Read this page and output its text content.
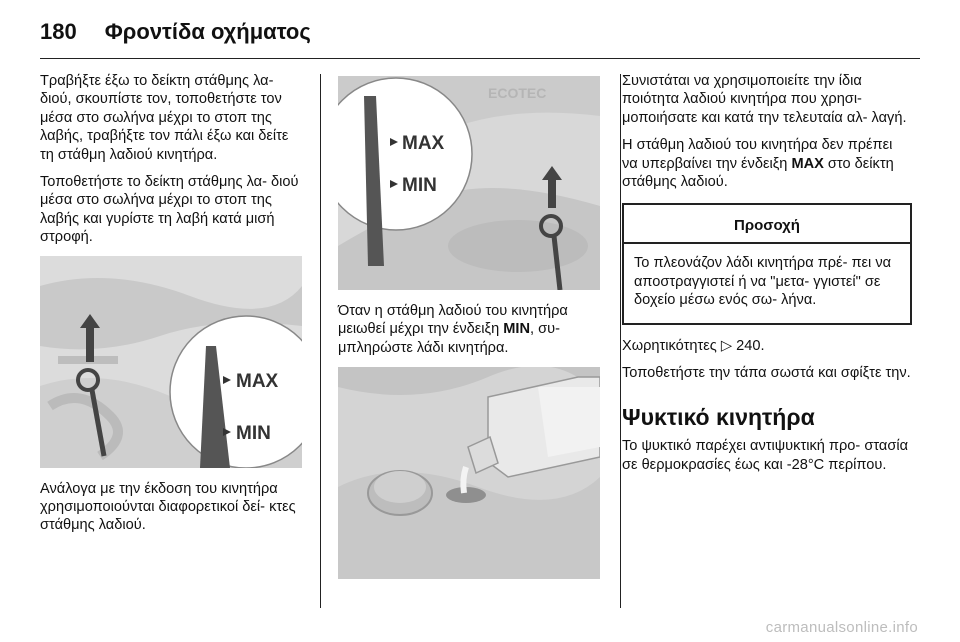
180 Φροντίδα οχήματος

Τραβήξτε έξω το δείκτη στάθμης λα- διού, σκουπίστε τον, τοποθετήστε τον μέσα στο σωλήνα μέχρι το στοπ της λαβής, τραβήξτε τον πάλι έξω και δείτε τη στάθμη λαδιού κινητήρα.

Τοποθετήστε το δείκτη στάθμης λα- διού μέσα στο σωλήνα μέχρι το στοπ της λαβής και γυρίστε τη λαβή κατά μισή στροφή.

MAX
MIN

Ανάλογα με την έκδοση του κινητήρα χρησιμοποιούνται διαφορετικοί δεί- κτες στάθμης λαδιού.

ECOTEC
MAX
MIN

Όταν η στάθμη λαδιού του κινητήρα μειωθεί μέχρι την ένδειξη MIN, συ- μπληρώστε λάδι κινητήρα.

Συνιστάται να χρησιμοποιείτε την ίδια ποιότητα λαδιού κινητήρα που χρησι- μοποιήσατε και κατά την τελευταία αλ- λαγή.

Η στάθμη λαδιού του κινητήρα δεν πρέπει να υπερβαίνει την ένδειξη MAX στο δείκτη στάθμης λαδιού.

Προσοχή

Το πλεονάζον λάδι κινητήρα πρέ- πει να αποστραγγιστεί ή να "μετα- γγιστεί" σε δοχείο μέσω ενός σω- λήνα.

Χωρητικότητες ▷ 240.

Τοποθετήστε την τάπα σωστά και σφίξτε την.

Ψυκτικό κινητήρα

Το ψυκτικό παρέχει αντιψυκτική προ- στασία σε θερμοκρασίες έως και -28°C περίπου.

carmanualsonline.info
